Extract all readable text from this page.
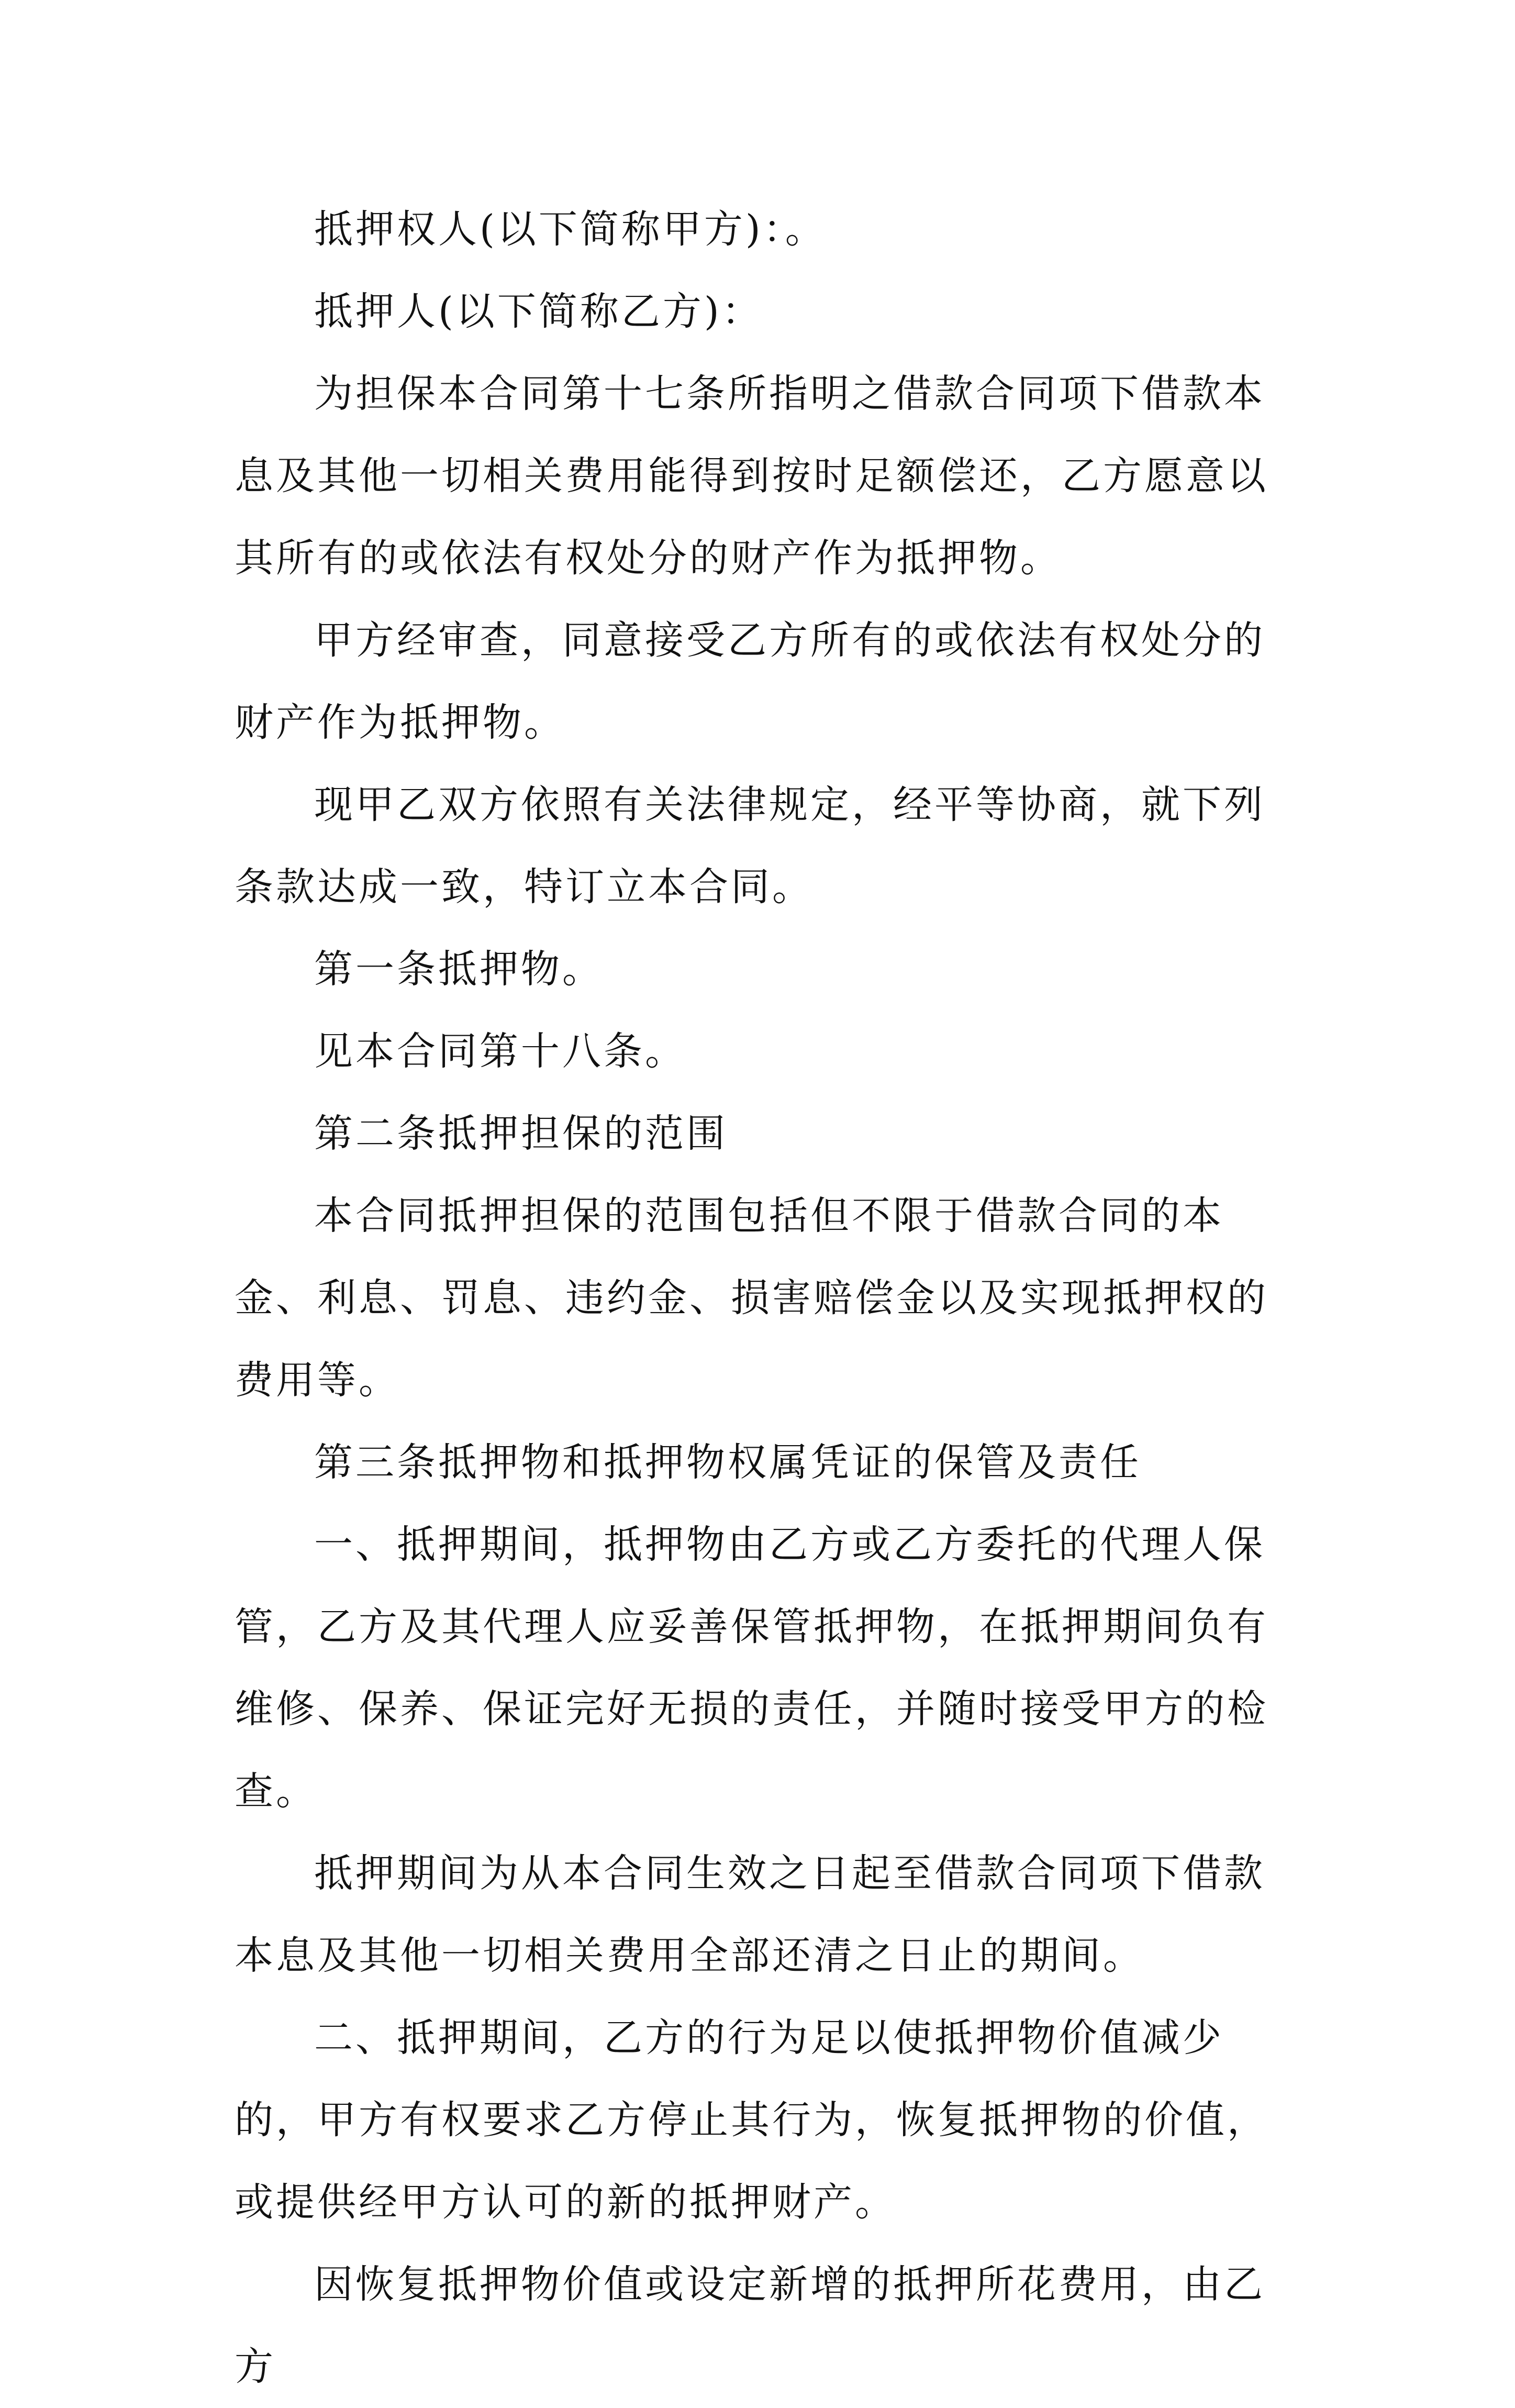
抵押权人(以下简称甲方)：。

抵押人(以下简称乙方)：

为担保本合同第十七条所指明之借款合同项下借款本息及其他一切相关费用能得到按时足额偿还，乙方愿意以其所有的或依法有权处分的财产作为抵押物。

甲方经审查，同意接受乙方所有的或依法有权处分的财产作为抵押物。

现甲乙双方依照有关法律规定，经平等协商，就下列条款达成一致，特订立本合同。

第一条抵押物。

见本合同第十八条。

第二条抵押担保的范围

本合同抵押担保的范围包括但不限于借款合同的本金、利息、罚息、违约金、损害赔偿金以及实现抵押权的费用等。

第三条抵押物和抵押物权属凭证的保管及责任

一、抵押期间，抵押物由乙方或乙方委托的代理人保管，乙方及其代理人应妥善保管抵押物，在抵押期间负有维修、保养、保证完好无损的责任，并随时接受甲方的检查。

抵押期间为从本合同生效之日起至借款合同项下借款本息及其他一切相关费用全部还清之日止的期间。

二、抵押期间，乙方的行为足以使抵押物价值减少的，甲方有权要求乙方停止其行为，恢复抵押物的价值，或提供经甲方认可的新的抵押财产。

因恢复抵押物价值或设定新增的抵押所花费用，由乙方
